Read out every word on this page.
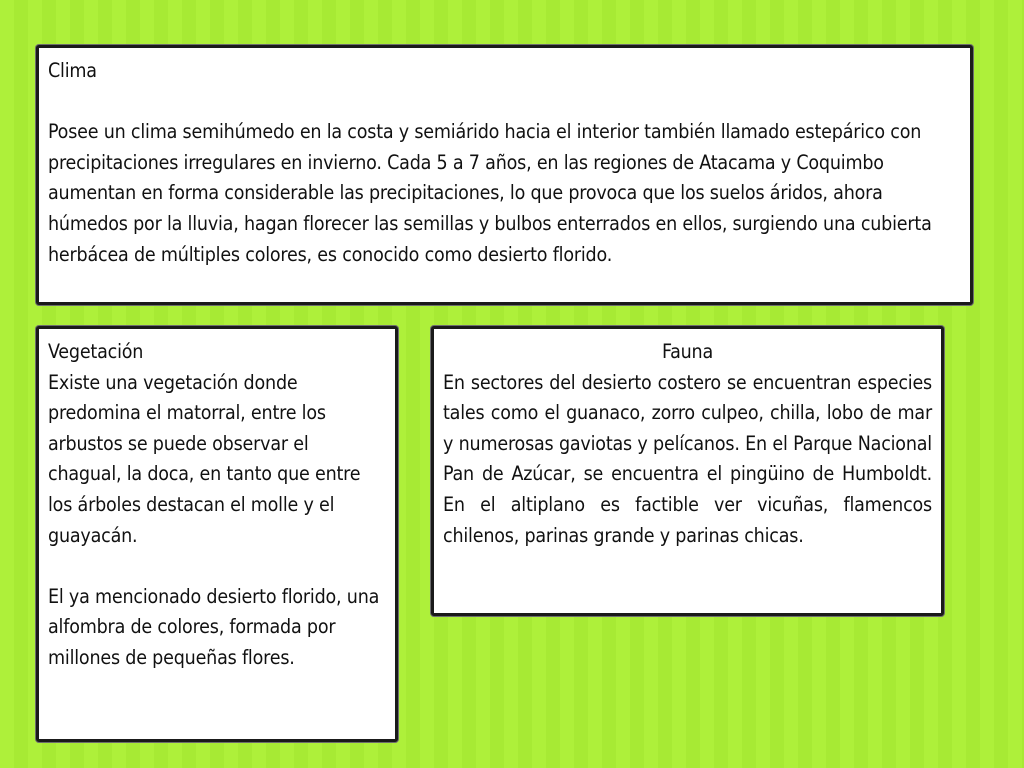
Clima

Posee un clima semihúmedo en la costa y semiárido hacia el interior también llamado estepárico con precipitaciones irregulares en invierno. Cada 5 a 7 años, en las regiones de Atacama y Coquimbo aumentan en forma considerable las precipitaciones, lo que provoca que los suelos áridos, ahora húmedos por la lluvia, hagan florecer las semillas y bulbos enterrados en ellos, surgiendo una cubierta herbácea de múltiples colores, es conocido como desierto florido.

Vegetación

Existe una vegetación donde predomina el matorral, entre los arbustos se puede observar el chagual, la doca, en tanto que entre los árboles destacan el molle y el guayacán.

El ya mencionado desierto florido, una alfombra de colores, formada por millones de pequeñas flores.

Fauna

En sectores del desierto costero se encuentran especies tales como el guanaco, zorro culpeo, chilla, lobo de mar y numerosas gaviotas y pelícanos. En el Parque Nacional Pan de Azúcar, se encuentra el pingüino de Humboldt. En el altiplano es factible ver vicuñas, flamencos chilenos, parinas grande y parinas chicas.
